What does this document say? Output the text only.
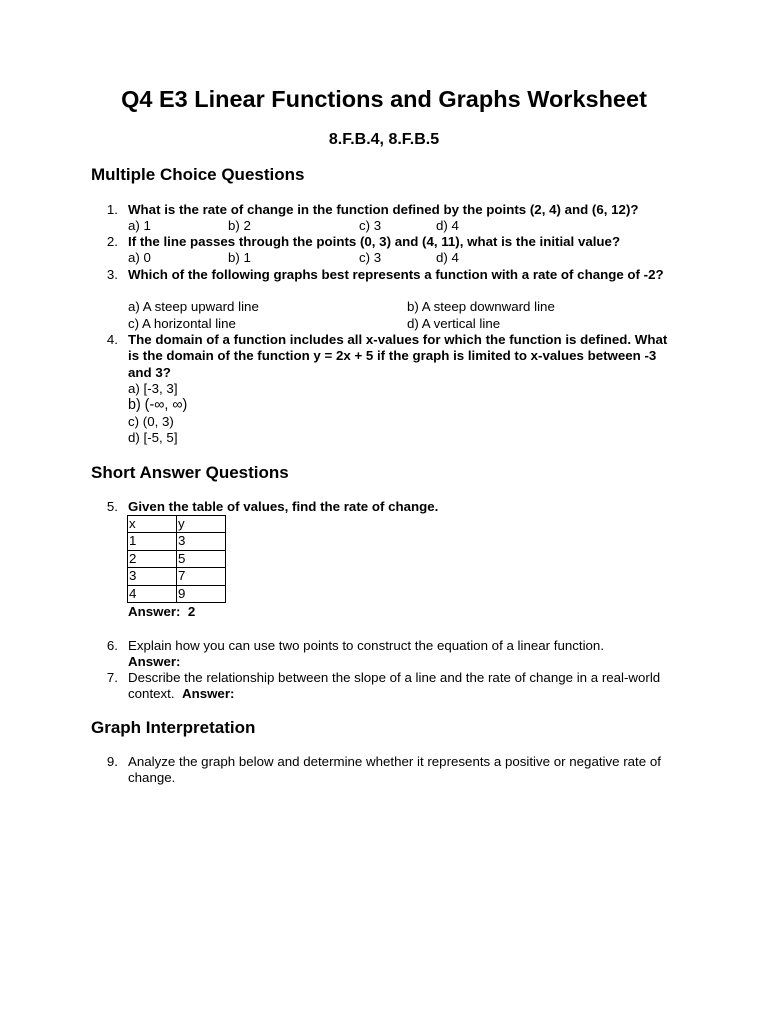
Q4 E3 Linear Functions and Graphs Worksheet
8.F.B.4, 8.F.B.5
Multiple Choice Questions
1. What is the rate of change in the function defined by the points (2, 4) and (6, 12)?
a) 1	b) 2	c) 3	d) 4
2. If the line passes through the points (0, 3) and (4, 11), what is the initial value?
a) 0	b) 1	c) 3	d) 4
3. Which of the following graphs best represents a function with a rate of change of -2?
a) A steep upward line	b) A steep downward line
c) A horizontal line	d) A vertical line
4. The domain of a function includes all x-values for which the function is defined. What is the domain of the function y = 2x + 5 if the graph is limited to x-values between -3 and 3?
a) [-3, 3]
b) (-∞, ∞)
c) (0, 3)
d) [-5, 5]
Short Answer Questions
5. Given the table of values, find the rate of change.
x	y
1	3
2	5
3	7
4	9
Answer:  2
6. Explain how you can use two points to construct the equation of a linear function.
Answer:
7. Describe the relationship between the slope of a line and the rate of change in a real-world context. Answer:
Graph Interpretation
9. Analyze the graph below and determine whether it represents a positive or negative rate of change.
